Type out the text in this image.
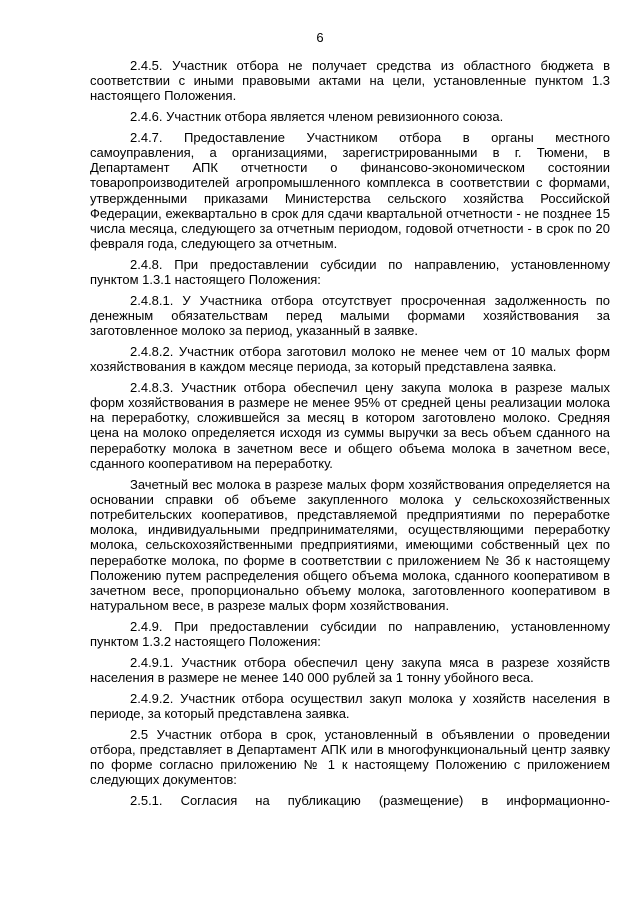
6

2.4.5. Участник отбора не получает средства из областного бюджета в соответствии с иными правовыми актами на цели, установленные пунктом 1.3 настоящего Положения.

2.4.6. Участник отбора является членом ревизионного союза.

2.4.7. Предоставление Участником отбора в органы местного самоуправления, а организациями, зарегистрированными в г. Тюмени, в Департамент АПК отчетности о финансово-экономическом состоянии товаропроизводителей агропромышленного комплекса в соответствии с формами, утвержденными приказами Министерства сельского хозяйства Российской Федерации, ежеквартально в срок для сдачи квартальной отчетности - не позднее 15 числа месяца, следующего за отчетным периодом, годовой отчетности - в срок по 20 февраля года, следующего за отчетным.

2.4.8. При предоставлении субсидии по направлению, установленному пунктом 1.3.1 настоящего Положения:

2.4.8.1. У Участника отбора отсутствует просроченная задолженность по денежным обязательствам перед малыми формами хозяйствования за заготовленное молоко за период, указанный в заявке.

2.4.8.2. Участник отбора заготовил молоко не менее чем от 10 малых форм хозяйствования в каждом месяце периода, за который представлена заявка.

2.4.8.3. Участник отбора обеспечил цену закупа молока в разрезе малых форм хозяйствования в размере не менее 95% от средней цены реализации молока на переработку, сложившейся за месяц в котором заготовлено молоко. Средняя цена на молоко определяется исходя из суммы выручки за весь объем сданного на переработку молока в зачетном весе и общего объема молока в зачетном весе, сданного кооперативом на переработку.

Зачетный вес молока в разрезе малых форм хозяйствования определяется на основании справки об объеме закупленного молока у сельскохозяйственных потребительских кооперативов, представляемой предприятиями по переработке молока, индивидуальными предпринимателями, осуществляющими переработку молока, сельскохозяйственными предприятиями, имеющими собственный цех по переработке молока, по форме в соответствии с приложением № 3б к настоящему Положению путем распределения общего объема молока, сданного кооперативом в зачетном весе, пропорционально объему молока, заготовленного кооперативом в натуральном весе, в разрезе малых форм хозяйствования.

2.4.9. При предоставлении субсидии по направлению, установленному пунктом 1.3.2 настоящего Положения:

2.4.9.1. Участник отбора обеспечил цену закупа мяса в разрезе хозяйств населения в размере не менее 140 000 рублей за 1 тонну убойного веса.

2.4.9.2. Участник отбора осуществил закуп молока у хозяйств населения в периоде, за который представлена заявка.

2.5 Участник отбора в срок, установленный в объявлении о проведении отбора, представляет в Департамент АПК или в многофункциональный центр заявку по форме согласно приложению № 1 к настоящему Положению с приложением следующих документов:

2.5.1. Согласия на публикацию (размещение) в информационно-
